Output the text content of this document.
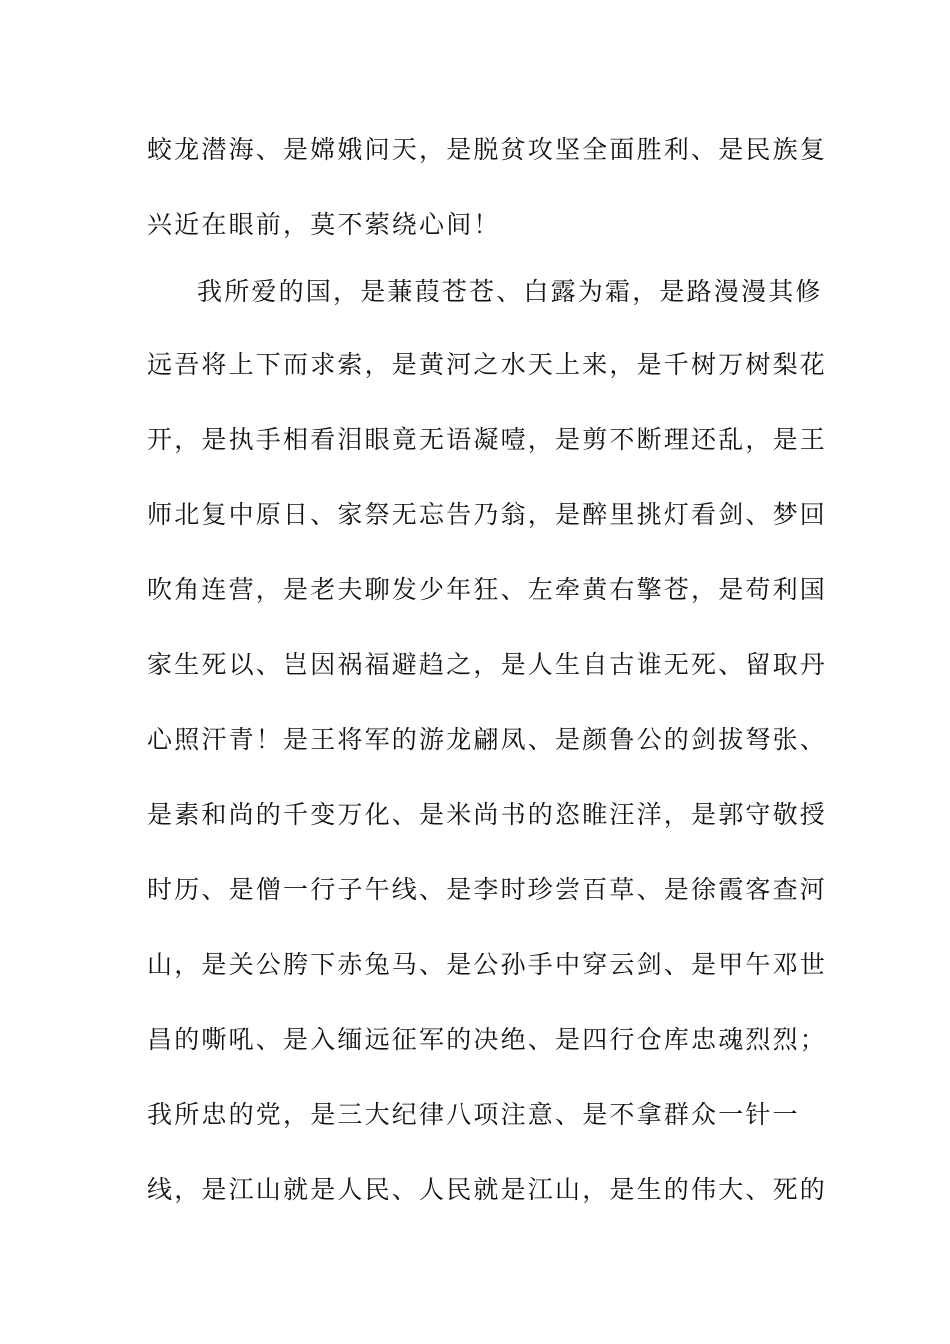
蛟龙潜海、是嫦娥问天，是脱贫攻坚全面胜利、是民族复
兴近在眼前，莫不萦绕心间！
我所爱的国，是蒹葭苍苍、白露为霜，是路漫漫其修
远吾将上下而求索，是黄河之水天上来，是千树万树梨花
开，是执手相看泪眼竟无语凝噎，是剪不断理还乱，是王
师北复中原日、家祭无忘告乃翁，是醉里挑灯看剑、梦回
吹角连营，是老夫聊发少年狂、左牵黄右擎苍，是苟利国
家生死以、岂因祸福避趋之，是人生自古谁无死、留取丹
心照汗青！是王将军的游龙翩凤、是颜鲁公的剑拔弩张、
是素和尚的千变万化、是米尚书的恣睢汪洋，是郭守敬授
时历、是僧一行子午线、是李时珍尝百草、是徐霞客查河
山，是关公胯下赤兔马、是公孙手中穿云剑、是甲午邓世
昌的嘶吼、是入缅远征军的决绝、是四行仓库忠魂烈烈；
我所忠的党，是三大纪律八项注意、是不拿群众一针一
线，是江山就是人民、人民就是江山，是生的伟大、死的
